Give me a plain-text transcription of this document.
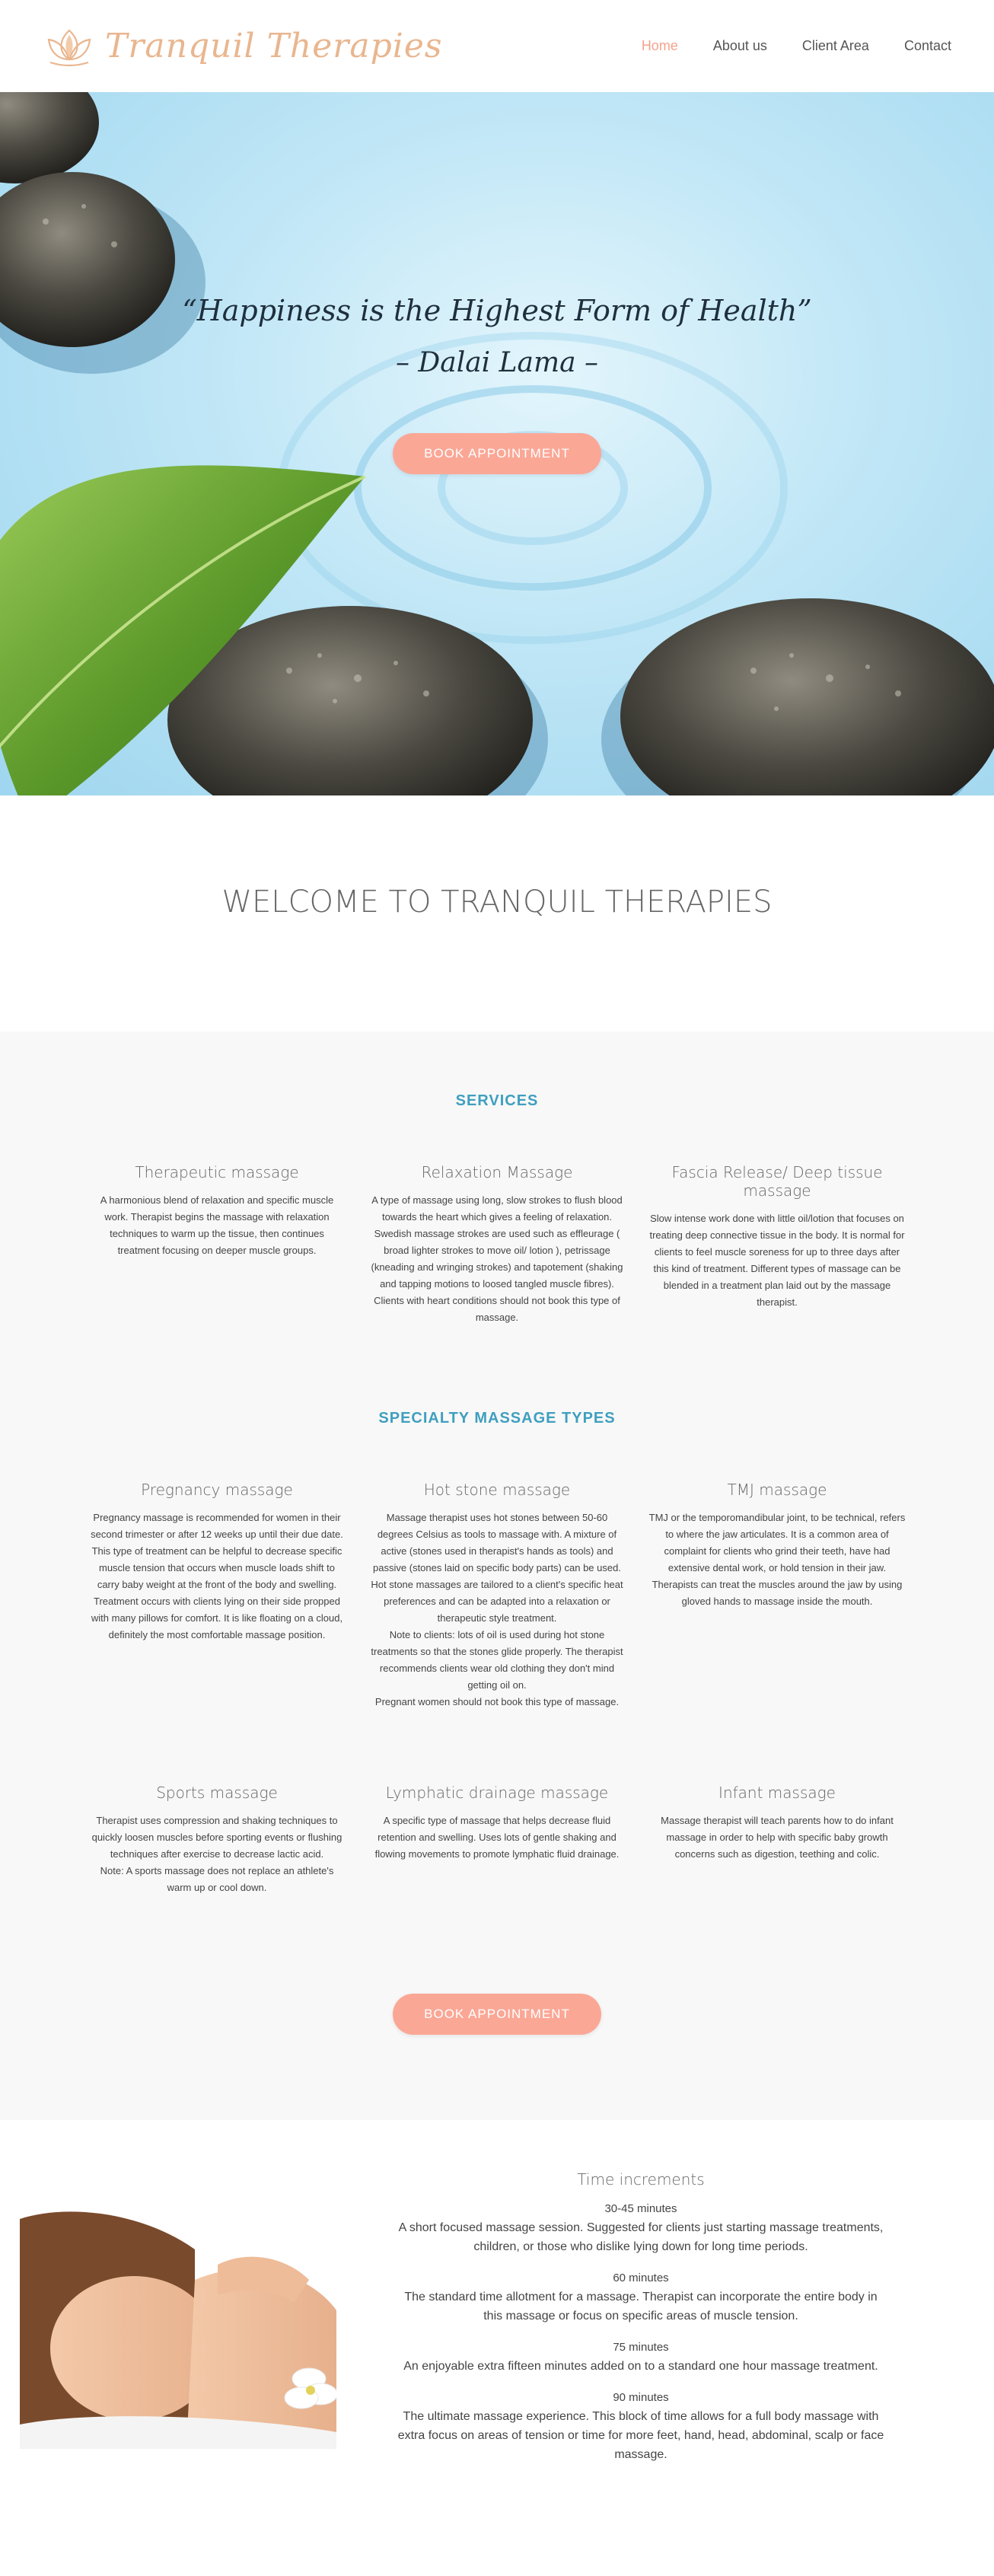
Tranquil Therapies	Home	About us	Client Area	Contact
“Happiness is the Highest Form of Health”
– Dalai Lama –
BOOK APPOINTMENT
WELCOME TO TRANQUIL THERAPIES
SERVICES
Therapeutic massage

A harmonious blend of relaxation and specific muscle work. Therapist begins the massage with relaxation techniques to warm up the tissue, then continues treatment focusing on deeper muscle groups.

Relaxation Massage

A type of massage using long, slow strokes to flush blood towards the heart which gives a feeling of relaxation. Swedish massage strokes are used such as effleurage ( broad lighter strokes to move oil/ lotion ), petrissage (kneading and wringing strokes) and tapotement (shaking and tapping motions to loosed tangled muscle fibres). Clients with heart conditions should not book this type of massage.

Fascia Release/ Deep tissue massage

Slow intense work done with little oil/lotion that focuses on treating deep connective tissue in the body. It is normal for clients to feel muscle soreness for up to three days after this kind of treatment. Different types of massage can be blended in a treatment plan laid out by the massage therapist.

SPECIALTY MASSAGE TYPES
Pregnancy massage

Pregnancy massage is recommended for women in their second trimester or after 12 weeks up until their due date. This type of treatment can be helpful to decrease specific muscle tension that occurs when muscle loads shift to carry baby weight at the front of the body and swelling. Treatment occurs with clients lying on their side propped with many pillows for comfort. It is like floating on a cloud, definitely the most comfortable massage position.

Hot stone massage

Massage therapist uses hot stones between 50-60 degrees Celsius as tools to massage with. A mixture of active (stones used in therapist's hands as tools) and passive (stones laid on specific body parts) can be used. Hot stone massages are tailored to a client's specific heat preferences and can be adapted into a relaxation or therapeutic style treatment.
Note to clients: lots of oil is used during hot stone treatments so that the stones glide properly. The therapist recommends clients wear old clothing they don't mind getting oil on.
Pregnant women should not book this type of massage.

TMJ massage

TMJ or the temporomandibular joint, to be technical, refers to where the jaw articulates. It is a common area of complaint for clients who grind their teeth, have had extensive dental work, or hold tension in their jaw. Therapists can treat the muscles around the jaw by using gloved hands to massage inside the mouth.

Sports massage

Therapist uses compression and shaking techniques to quickly loosen muscles before sporting events or flushing techniques after exercise to decrease lactic acid.
Note: A sports massage does not replace an athlete's warm up or cool down.

Lymphatic drainage massage

A specific type of massage that helps decrease fluid retention and swelling. Uses lots of gentle shaking and flowing movements to promote lymphatic fluid drainage.

Infant massage

Massage therapist will teach parents how to do infant massage in order to help with specific baby growth concerns such as digestion, teething and colic.

BOOK APPOINTMENT
Time increments
30-45 minutes
A short focused massage session. Suggested for clients just starting massage treatments, children, or those who dislike lying down for long time periods.
60 minutes
The standard time allotment for a massage. Therapist can incorporate the entire body in this massage or focus on specific areas of muscle tension.
75 minutes
An enjoyable extra fifteen minutes added on to a standard one hour massage treatment.
90 minutes
The ultimate massage experience. This block of time allows for a full body massage with extra focus on areas of tension or time for more feet, hand, head, abdominal, scalp or face massage.
